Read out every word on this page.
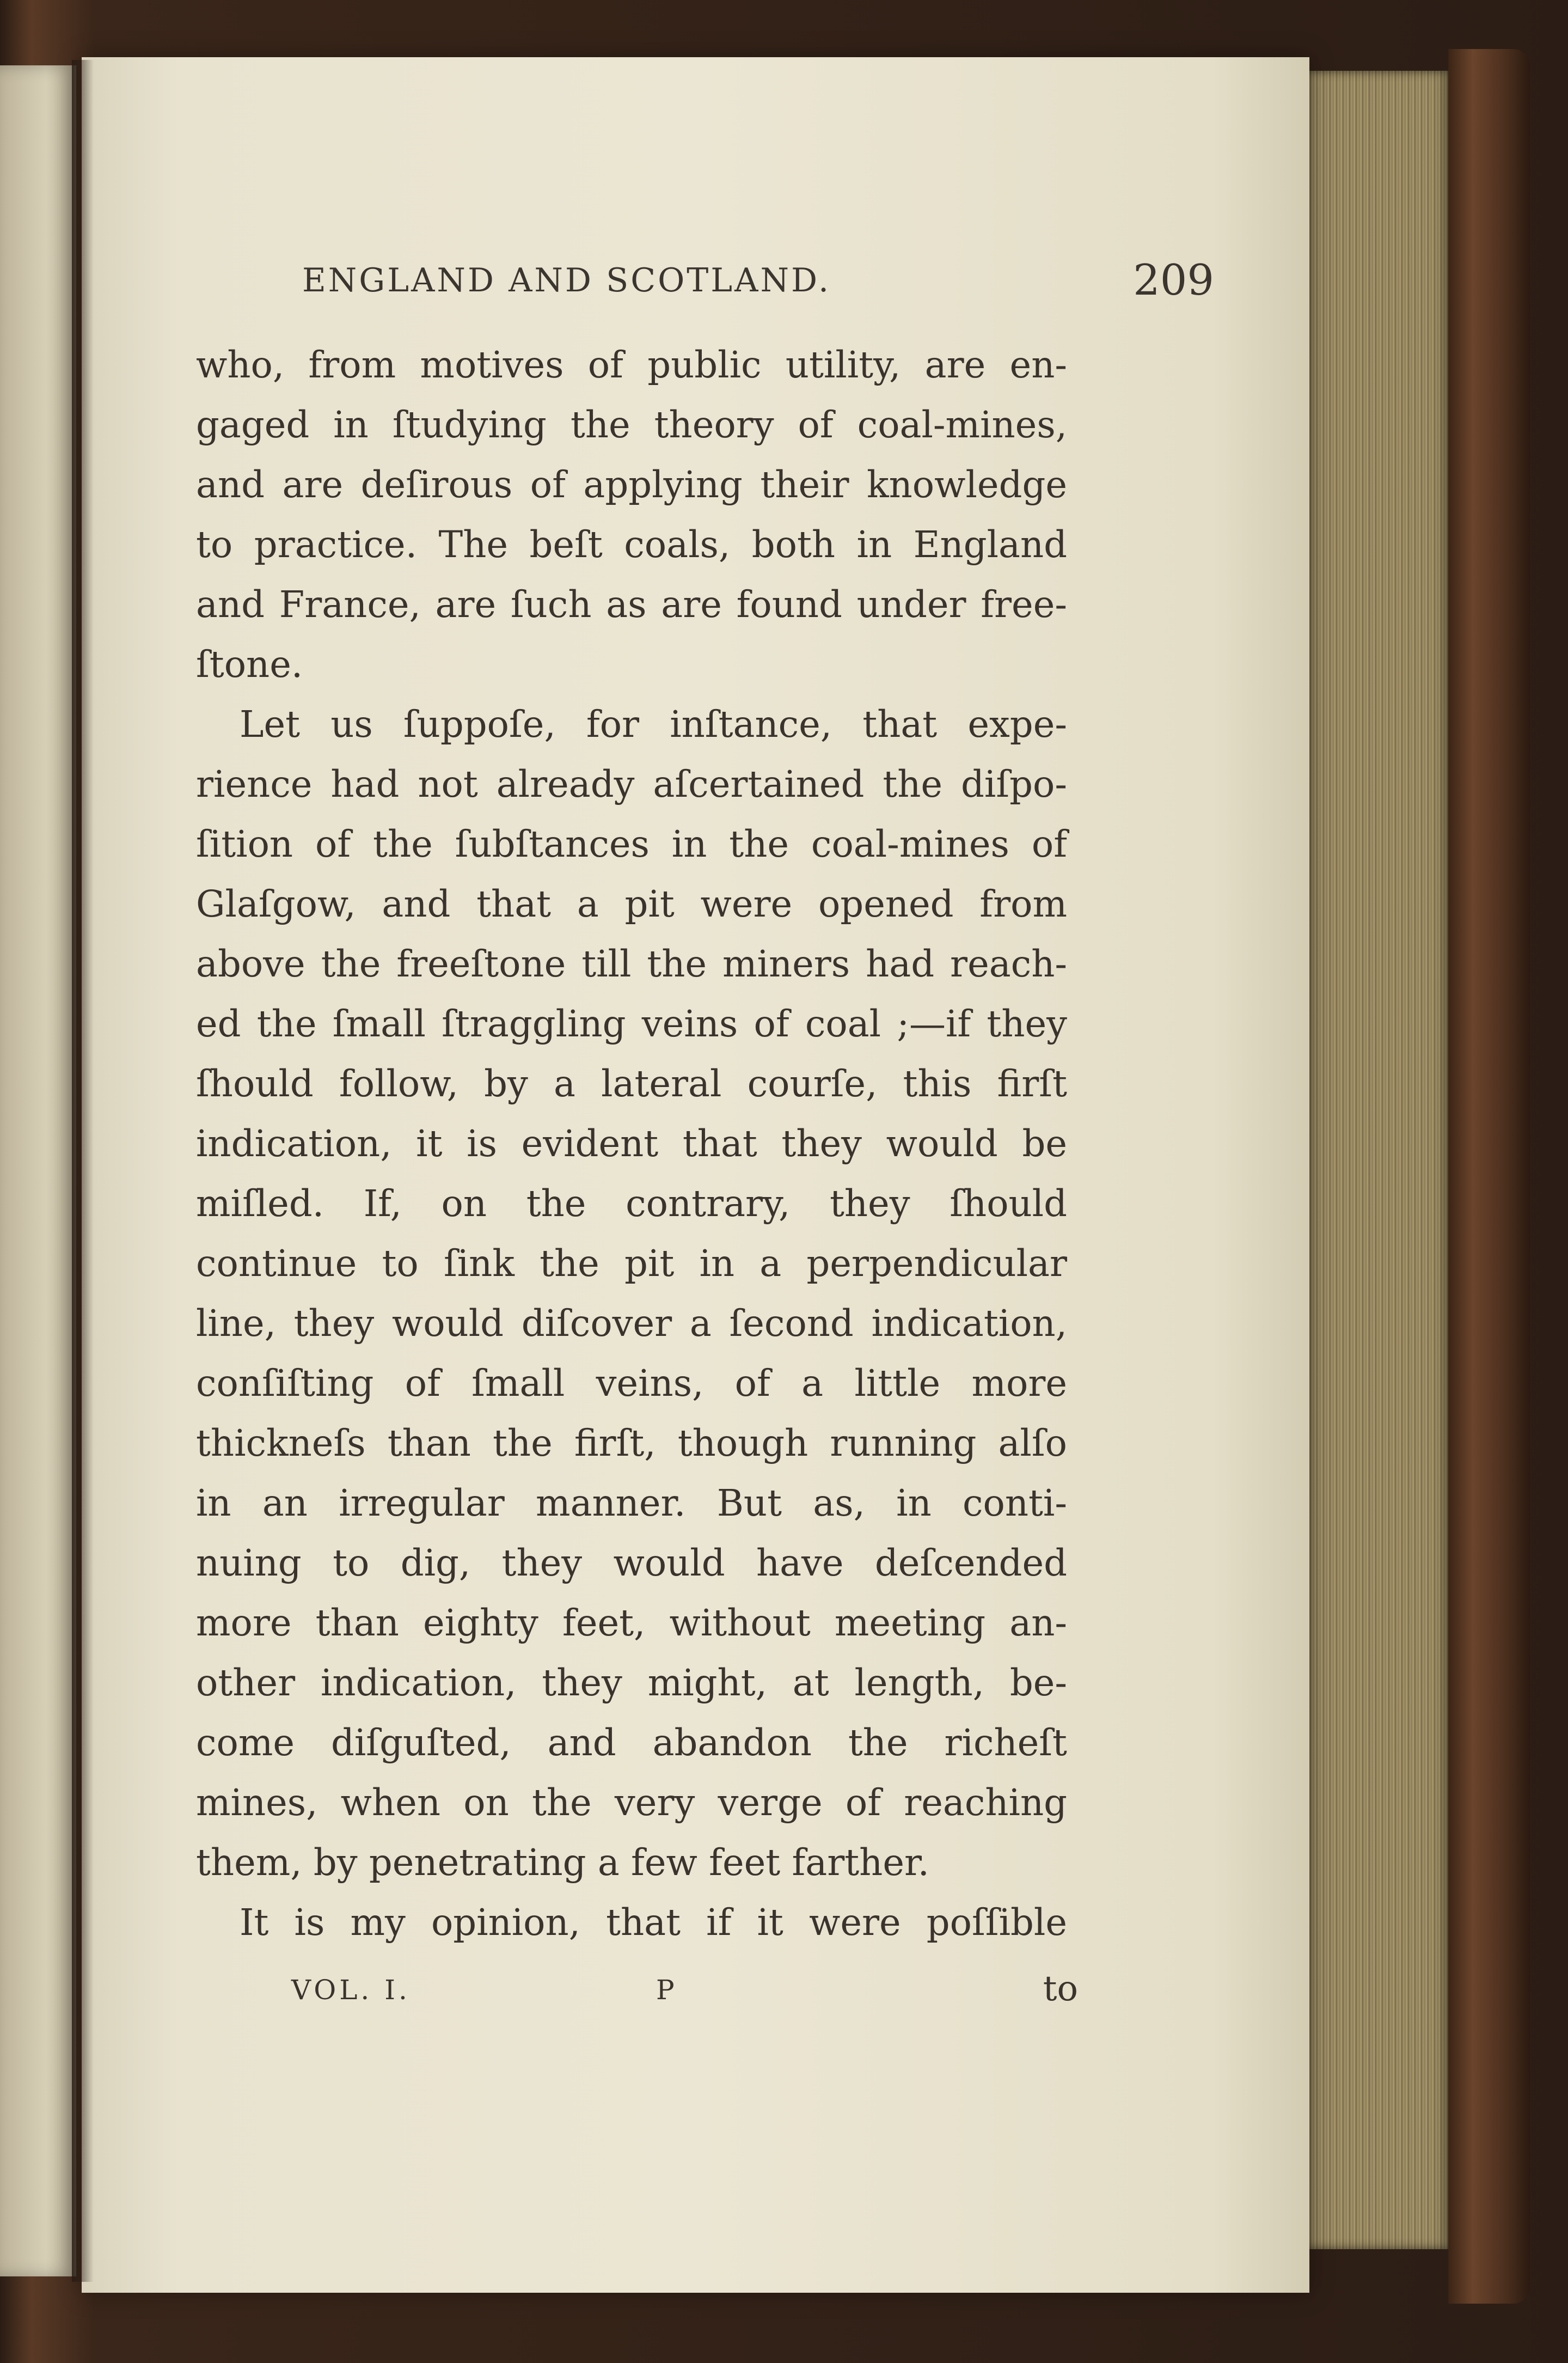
ENGLAND AND SCOTLAND.	209
who, from motives of public utility, are en-
gaged in ſtudying the theory of coal-mines,
and are deſirous of applying their knowledge
to practice. The beſt coals, both in England
and France, are ſuch as are found under free-
ſtone.
Let us ſuppoſe, for inſtance, that expe-
rience had not already aſcertained the diſpo-
ſition of the ſubſtances in the coal-mines of
Glaſgow, and that a pit were opened from
above the freeſtone till the miners had reach-
ed the ſmall ſtraggling veins of coal ;—if they
ſhould follow, by a lateral courſe, this firſt
indication, it is evident that they would be
miſled. If, on the contrary, they ſhould
continue to ſink the pit in a perpendicular
line, they would diſcover a ſecond indication,
conſiſting of ſmall veins, of a little more
thickneſs than the firſt, though running alſo
in an irregular manner. But as, in conti-
nuing to dig, they would have deſcended
more than eighty feet, without meeting an-
other indication, they might, at length, be-
come diſguſted, and abandon the richeſt
mines, when on the very verge of reaching
them, by penetrating a few feet farther.
It is my opinion, that if it were poſſible
VOL. I.	P	to
